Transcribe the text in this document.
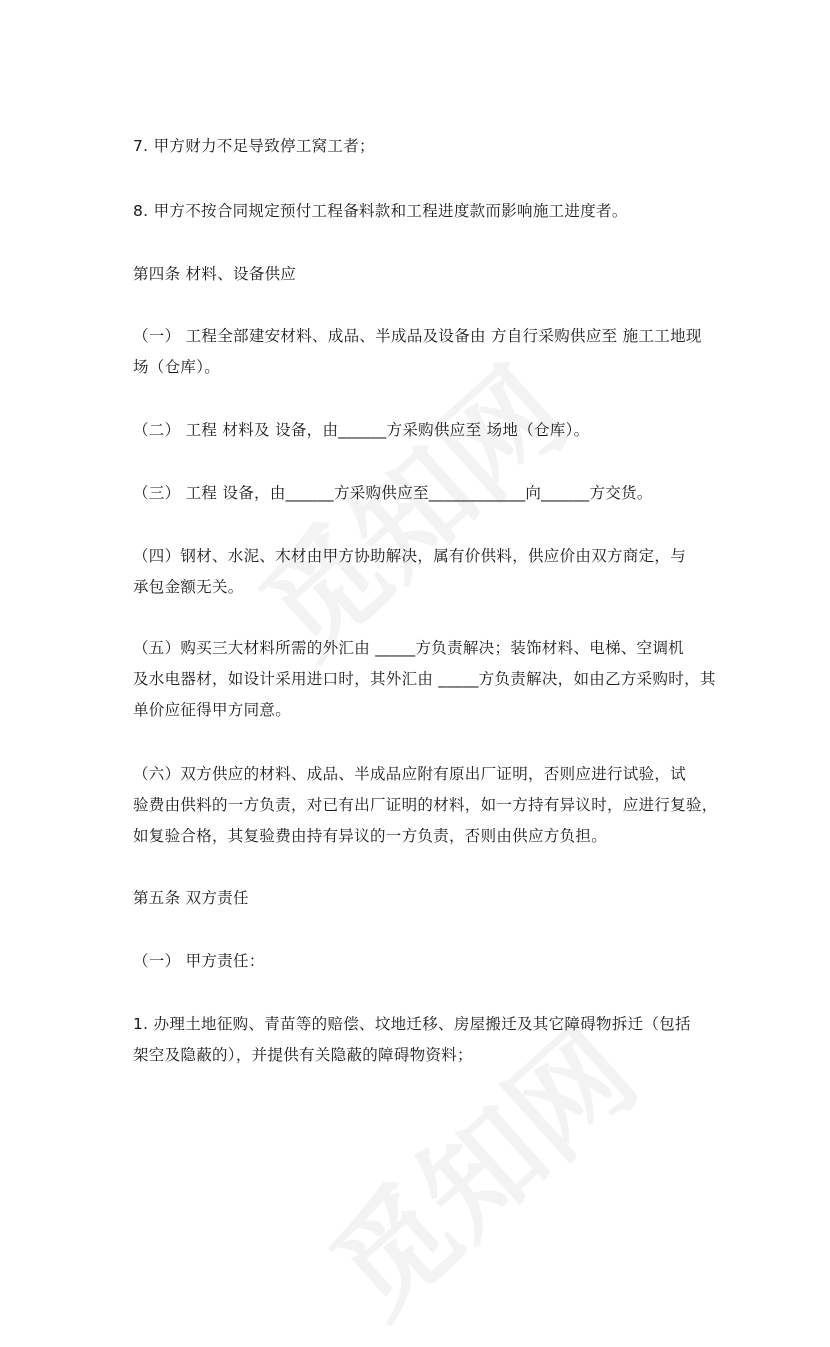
7. 甲方财力不足导致停工窝工者；
8. 甲方不按合同规定预付工程备料款和工程进度款而影响施工进度者。
第四条 材料、设备供应
（一） 工程全部建安材料、成品、半成品及设备由 方自行采购供应至 施工工地现
场（仓库）。
（二） 工程 材料及 设备，由______方采购供应至 场地（仓库）。
（三） 工程 设备，由______方采购供应至____________向______方交货。
（四）钢材、水泥、木材由甲方协助解决，属有价供料，供应价由双方商定，与
承包金额无关。
（五）购买三大材料所需的外汇由 _____方负责解决；装饰材料、电梯、空调机
及水电器材，如设计采用进口时，其外汇由 _____方负责解决，如由乙方采购时，其
单价应征得甲方同意。
（六）双方供应的材料、成品、半成品应附有原出厂证明，否则应进行试验，试
验费由供料的一方负责，对已有出厂证明的材料，如一方持有异议时，应进行复验，
如复验合格，其复验费由持有异议的一方负责，否则由供应方负担。
第五条 双方责任
（一） 甲方责任：
1. 办理土地征购、青苗等的赔偿、坟地迁移、房屋搬迁及其它障碍物拆迁（包括
架空及隐蔽的），并提供有关隐蔽的障碍物资料；
